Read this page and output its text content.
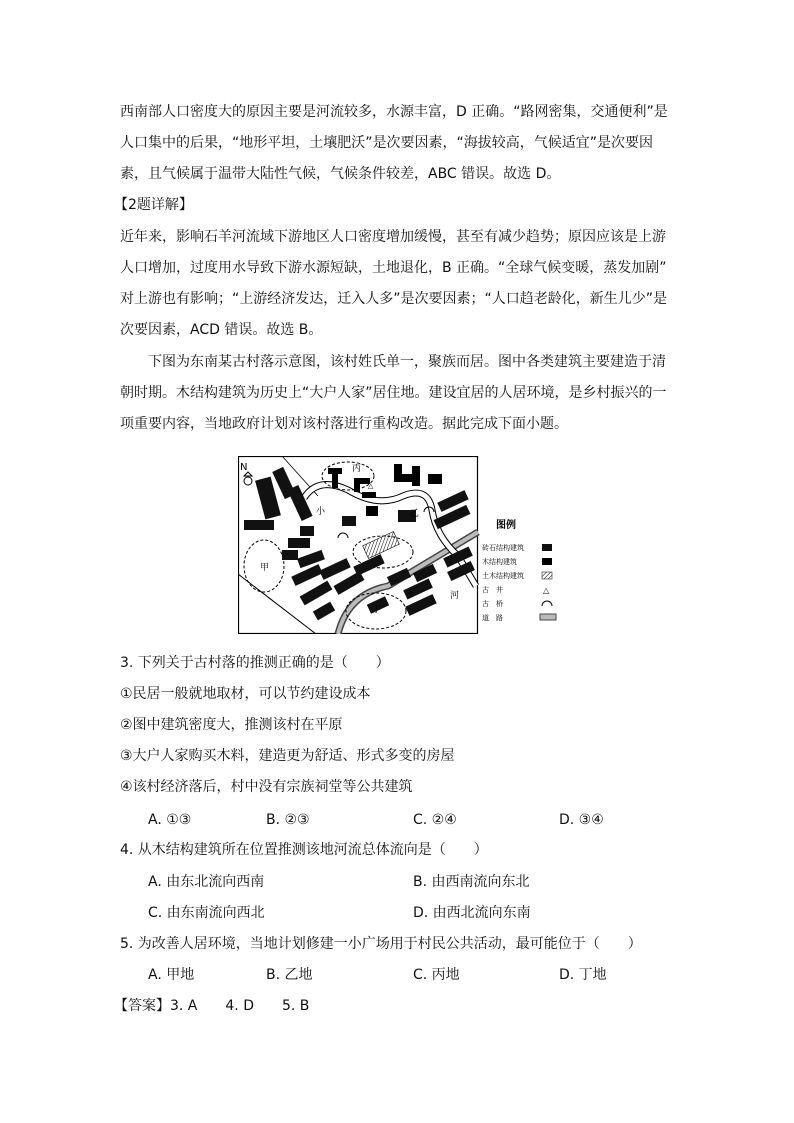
西南部人口密度大的原因主要是河流较多，水源丰富，D 正确。“路网密集，交通便利”是
人口集中的后果，“地形平坦，土壤肥沃”是次要因素，“海拔较高，气候适宜”是次要因
素，且气候属于温带大陆性气候，气候条件较差，ABC 错误。故选 D。
【2题详解】
近年来，影响石羊河流域下游地区人口密度增加缓慢，甚至有减少趋势；原因应该是上游
人口增加，过度用水导致下游水源短缺，土地退化，B 正确。“全球气候变暖，蒸发加剧”
对上游也有影响；“上游经济发达，迁入人多”是次要因素；“人口趋老龄化，新生儿少”是
次要因素，ACD 错误。故选 B。
下图为东南某古村落示意图，该村姓氏单一，聚族而居。图中各类建筑主要建造于清
朝时期。木结构建筑为历史上“大户人家”居住地。建设宜居的人居环境，是乡村振兴的一
项重要内容，当地政府计划对该村落进行重构改造。据此完成下面小题。
N
△
甲
乙
丙
丁
小
河
图例
砖石结构建筑
木结构建筑
土木结构建筑
古　井	△
古　桥
道　路
3. 下列关于古村落的推测正确的是（　　）
①民居一般就地取材，可以节约建设成本
②图中建筑密度大，推测该村在平原
③大户人家购买木料，建造更为舒适、形式多变的房屋
④该村经济落后，村中没有宗族祠堂等公共建筑
A. ①③	B. ②③	C. ②④	D. ③④
4. 从木结构建筑所在位置推测该地河流总体流向是（　　）
A. 由东北流向西南	B. 由西南流向东北
C. 由东南流向西北	D. 由西北流向东南
5. 为改善人居环境，当地计划修建一小广场用于村民公共活动，最可能位于（　　）
A. 甲地	B. 乙地	C. 丙地	D. 丁地
【答案】3. A　　4. D　　5. B
